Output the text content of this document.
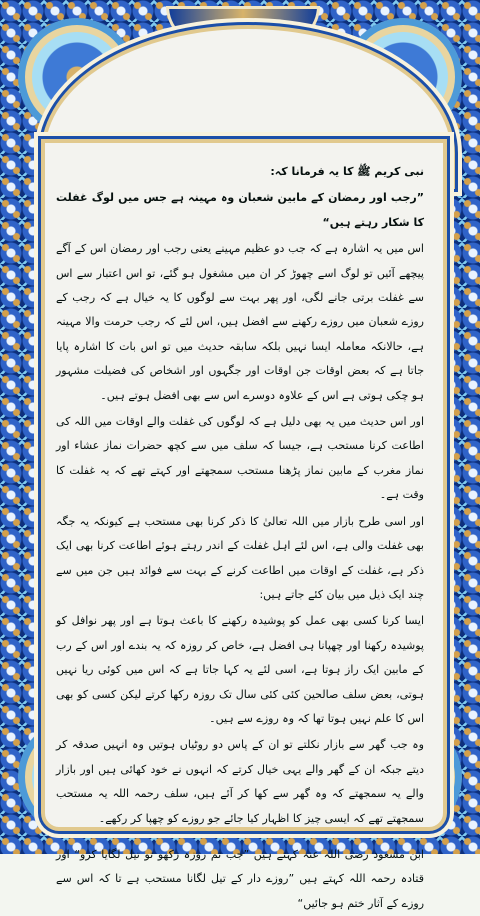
نبی کریم ﷺ کا یہ فرمانا کہ:

”رجب اور رمضان کے مابین شعبان وہ مہینہ ہے جس میں لوگ غفلت کا شکار رہتے ہیں“

اس میں یہ اشارہ ہے کہ جب دو عظیم مہینے یعنی رجب اور رمضان اس کے آگے پیچھے آئیں تو لوگ اسے چھوڑ کر ان میں مشغول ہو گئے، تو اس اعتبار سے اس سے غفلت برتی جانے لگی، اور پھر بہت سے لوگوں کا یہ خیال ہے کہ رجب کے روزے شعبان میں روزے رکھنے سے افضل ہیں، اس لئے کہ رجب حرمت والا مہینہ ہے، حالانکہ معاملہ ایسا نہیں بلکہ سابقہ حدیث میں تو اس بات کا اشارہ پایا جاتا ہے کہ بعض اوقات جن اوقات اور جگہوں اور اشخاص کی فضیلت مشہور ہو چکی ہوتی ہے اس کے علاوہ دوسرے اس سے بھی افضل ہوتے ہیں۔

اور اس حدیث میں یہ بھی دلیل ہے کہ لوگوں کی غفلت والے اوقات میں اللہ کی اطاعت کرنا مستحب ہے، جیسا کہ سلف میں سے کچھ حضرات نماز عشاء اور نماز مغرب کے مابین نماز پڑھنا مستحب سمجھتے اور کہتے تھے کہ یہ غفلت کا وقت ہے۔

اور اسی طرح بازار میں اللہ تعالیٰ کا ذکر کرنا بھی مستحب ہے کیونکہ یہ جگہ بھی غفلت والی ہے، اس لئے اہل غفلت کے اندر رہتے ہوئے اطاعت کرنا بھی ایک ذکر ہے، غفلت کے اوقات میں اطاعت کرنے کے بہت سے فوائد ہیں جن میں سے چند ایک ذیل میں بیان کئے جاتے ہیں:

ایسا کرنا کسی بھی عمل کو پوشیدہ رکھنے کا باعث ہوتا ہے اور پھر نوافل کو پوشیدہ رکھنا اور چھپانا ہی افضل ہے، خاص کر روزہ کہ یہ بندے اور اس کے رب کے مابین ایک راز ہوتا ہے، اسی لئے یہ کہا جاتا ہے کہ اس میں کوئی ریا نہیں ہوتی، بعض سلف صالحین کئی کئی سال تک روزہ رکھا کرتے لیکن کسی کو بھی اس کا علم نہیں ہوتا تھا کہ وہ روزے سے ہیں۔

وہ جب گھر سے بازار نکلتے تو ان کے پاس دو روٹیاں ہوتیں وہ انہیں صدقہ کر دیتے جبکہ ان کے گھر والے یہی خیال کرتے کہ انہوں نے خود کھائی ہیں اور بازار والے یہ سمجھتے کہ وہ گھر سے کھا کر آئے ہیں، سلف رحمہ اللہ یہ مستحب سمجھتے تھے کہ ایسی چیز کا اظہار کیا جائے جو روزے کو چھپا کر رکھے۔

ابن مسعود رضی اللہ عنہ کہتے ہیں ”جب تم روزہ رکھو تو تیل لگایا کرو“ اور قتادہ رحمہ اللہ کہتے ہیں ”روزے دار کے تیل لگانا مستحب ہے تا کہ اس سے روزے کے آثار ختم ہو جائیں“
